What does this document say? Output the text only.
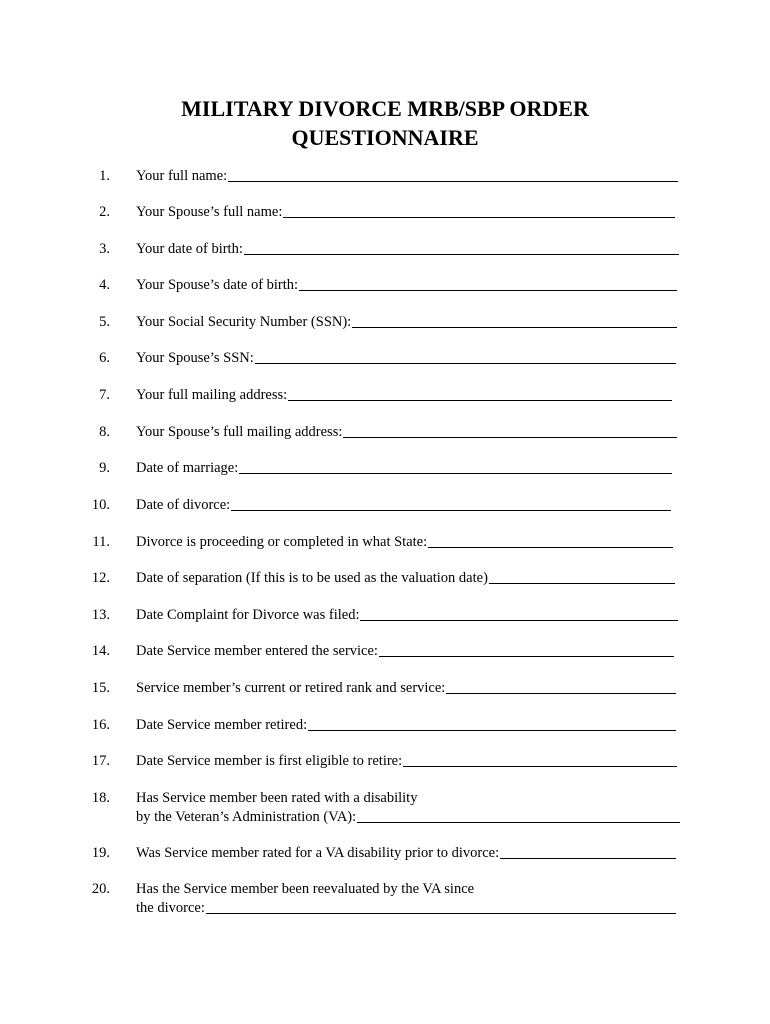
MILITARY DIVORCE MRB/SBP ORDER
QUESTIONNAIRE
1. Your full name:
2. Your Spouse’s full name:
3. Your date of birth:
4. Your Spouse’s date of birth:
5. Your Social Security Number (SSN):
6. Your Spouse’s SSN:
7. Your full mailing address:
8. Your Spouse’s full mailing address:
9. Date of marriage:
10. Date of divorce:
11. Divorce is proceeding or completed in what State:
12. Date of separation (If this is to be used as the valuation date)
13. Date Complaint for Divorce was filed:
14. Date Service member entered the service:
15. Service member’s current or retired rank and service:
16. Date Service member retired:
17. Date Service member is first eligible to retire:
18. Has Service member been rated with a disability
by the Veteran’s Administration (VA):
19. Was Service member rated for a VA disability prior to divorce:
20. Has the Service member been reevaluated by the VA since
the divorce:
